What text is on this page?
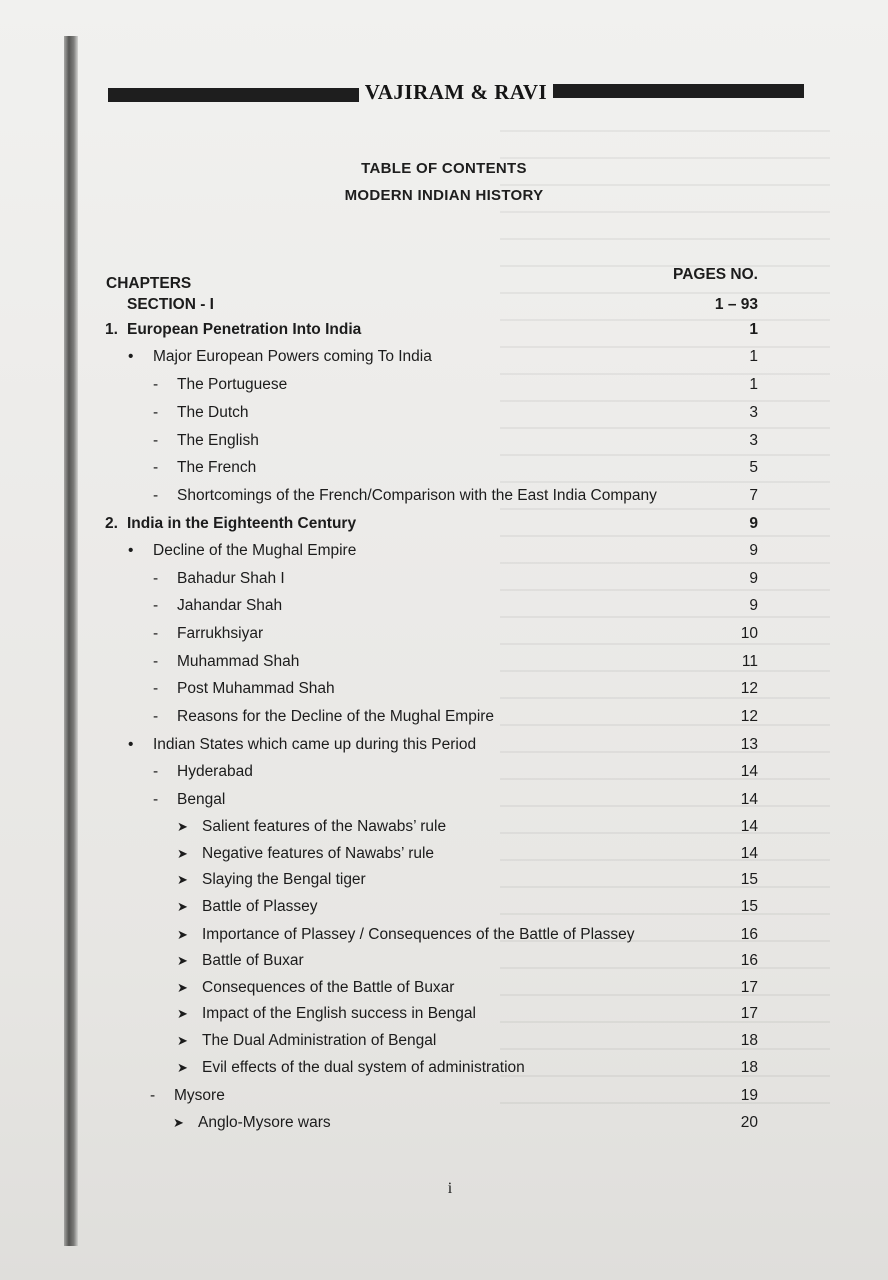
VAJIRAM & RAVI
TABLE OF CONTENTS
MODERN INDIAN HISTORY
CHAPTERS
PAGES NO.
SECTION - I	1 – 93
1. European Penetration Into India	1
• Major European Powers coming To India	1
- The Portuguese	1
- The Dutch	3
- The English	3
- The French	5
- Shortcomings of the French/Comparison with the East India Company	7
2. India in the Eighteenth Century	9
• Decline of the Mughal Empire	9
- Bahadur Shah I	9
- Jahandar Shah	9
- Farrukhsiyar	10
- Muhammad Shah	11
- Post Muhammad Shah	12
- Reasons for the Decline of the Mughal Empire	12
• Indian States which came up during this Period	13
- Hyderabad	14
- Bengal	14
➤ Salient features of the Nawabs’ rule	14
➤ Negative features of Nawabs’ rule	14
➤ Slaying the Bengal tiger	15
➤ Battle of Plassey	15
➤ Importance of Plassey / Consequences of the Battle of Plassey	16
➤ Battle of Buxar	16
➤ Consequences of the Battle of Buxar	17
➤ Impact of the English success in Bengal	17
➤ The Dual Administration of Bengal	18
➤ Evil effects of the dual system of administration	18
- Mysore	19
➤ Anglo-Mysore wars	20
i
